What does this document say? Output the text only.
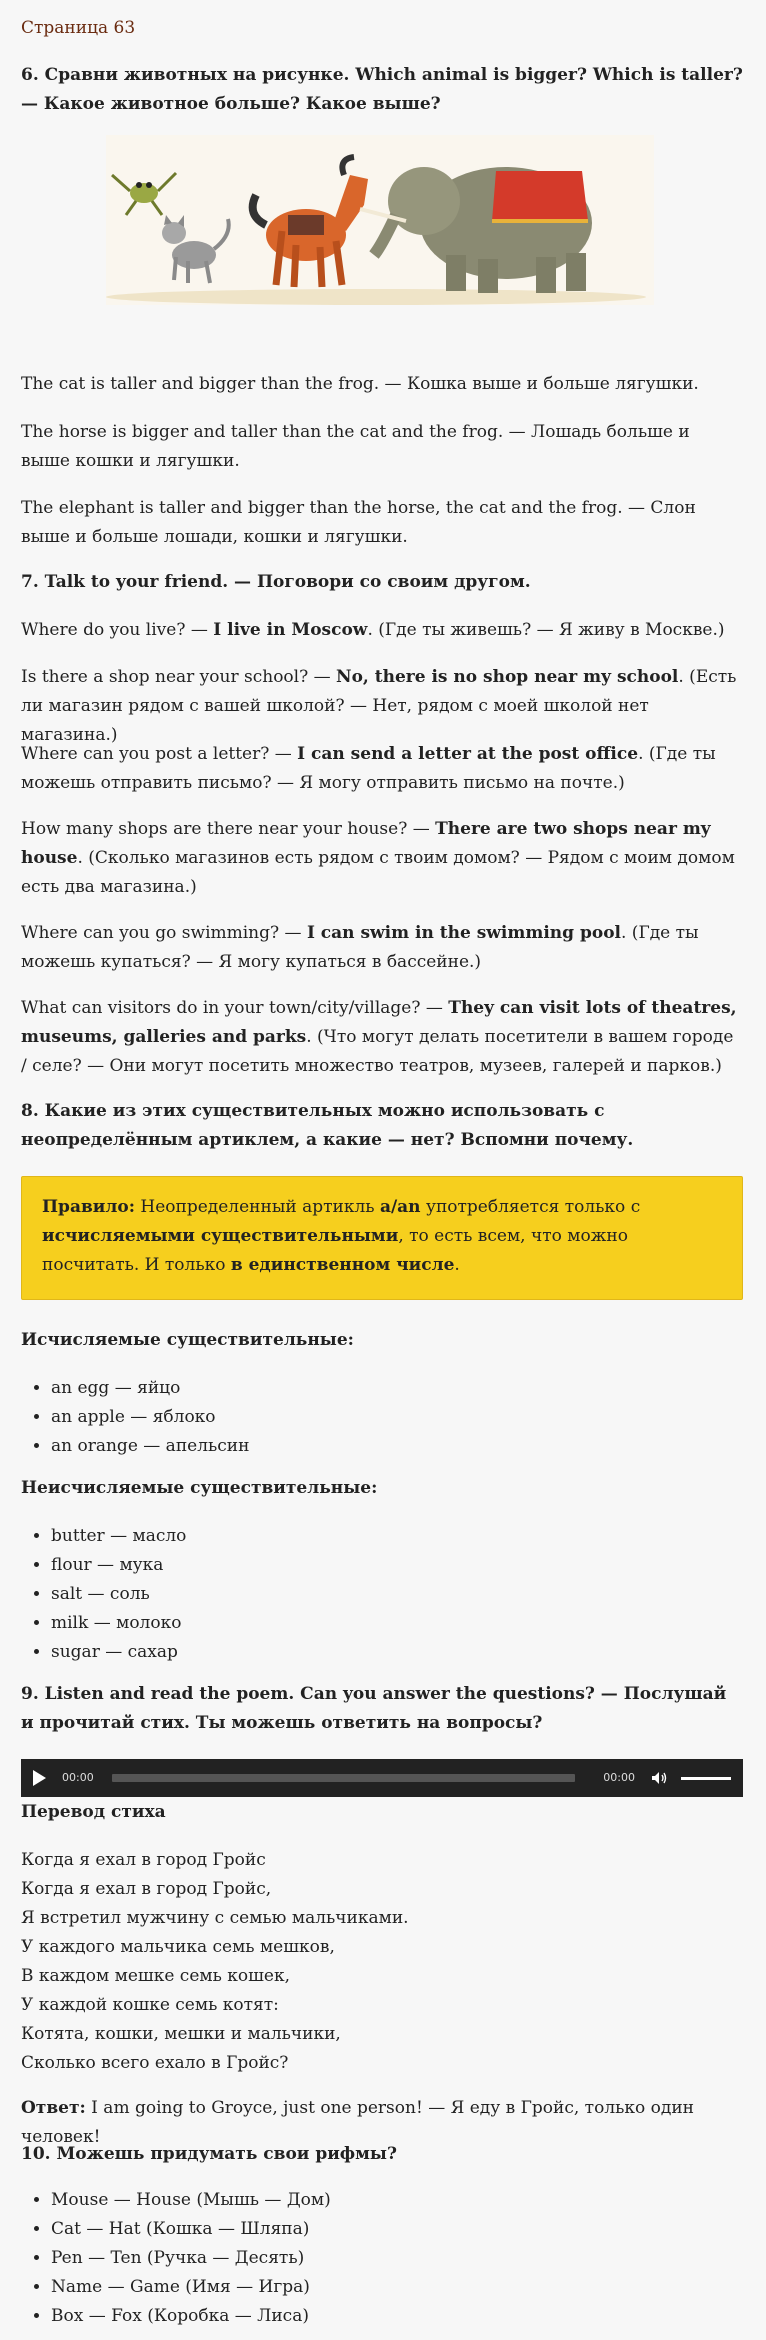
Страница 63

6. Сравни животных на рисунке. Which animal is bigger? Which is taller? — Какое животное больше? Какое выше?

The cat is taller and bigger than the frog. — Кошка выше и больше лягушки.

The horse is bigger and taller than the cat and the frog. — Лошадь больше и выше кошки и лягушки.

The elephant is taller and bigger than the horse, the cat and the frog. — Слон выше и больше лошади, кошки и лягушки.

7. Talk to your friend. — Поговори со своим другом.

Where do you live? — I live in Moscow. (Где ты живешь? — Я живу в Москве.)

Is there a shop near your school? — No, there is no shop near my school. (Есть ли магазин рядом с вашей школой? — Нет, рядом с моей школой нет магазина.)

Where can you post a letter? — I can send a letter at the post office. (Где ты можешь отправить письмо? — Я могу отправить письмо на почте.)

How many shops are there near your house? — There are two shops near my house. (Сколько магазинов есть рядом с твоим домом? — Рядом с моим домом есть два магазина.)

Where can you go swimming? — I can swim in the swimming pool. (Где ты можешь купаться? — Я могу купаться в бассейне.)

What can visitors do in your town/city/village? — They can visit lots of theatres, museums, galleries and parks. (Что могут делать посетители в вашем городе / селе? — Они могут посетить множество театров, музеев, галерей и парков.)

8. Какие из этих существительных можно использовать с неопределённым артиклем, а какие — нет? Вспомни почему.

Правило: Неопределенный артикль a/an употребляется только с исчисляемыми существительными, то есть всем, что можно посчитать. И только в единственном числе.

Исчисляемые существительные:

• an egg — яйцо
• an apple — яблоко
• an orange — апельсин

Неисчисляемые существительные:

• butter — масло
• flour — мука
• salt — соль
• milk — молоко
• sugar — сахар

9. Listen and read the poem. Can you answer the questions? — Послушай и прочитай стих. Ты можешь ответить на вопросы?

00:00	00:00

Перевод стиха

Когда я ехал в город Гройс
Когда я ехал в город Гройс,
Я встретил мужчину с семью мальчиками.
У каждого мальчика семь мешков,
В каждом мешке семь кошек,
У каждой кошке семь котят:
Котята, кошки, мешки и мальчики,
Сколько всего ехало в Гройс?

Ответ: I am going to Groyce, just one person! — Я еду в Гройс, только один человек!

10. Можешь придумать свои рифмы?

• Mouse — House (Мышь — Дом)
• Cat — Hat (Кошка — Шляпа)
• Pen — Ten (Ручка — Десять)
• Name — Game (Имя — Игра)
• Box — Fox (Коробка — Лиса)
